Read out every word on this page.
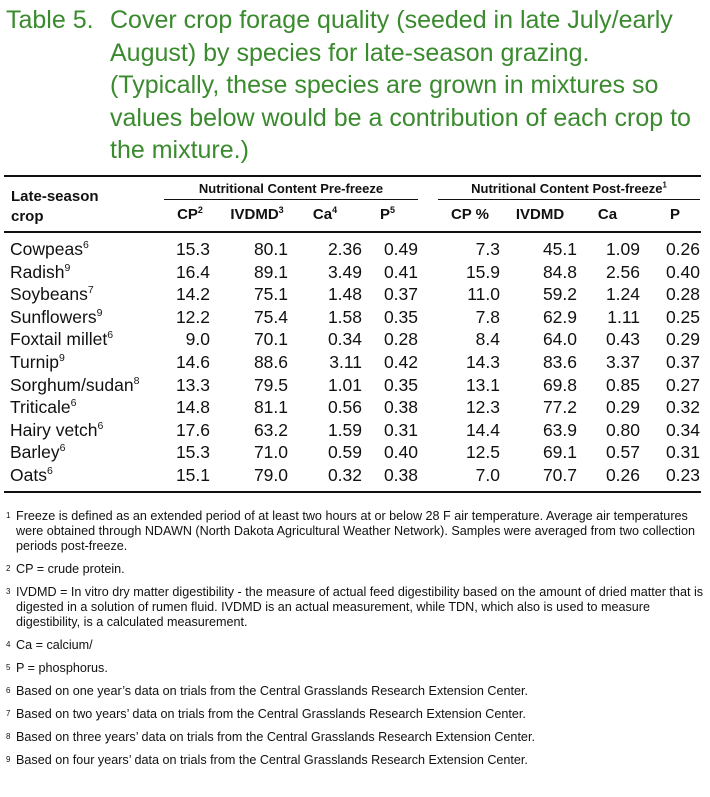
Table 5. Cover crop forage quality (seeded in late July/early August) by species for late-season grazing. (Typically, these species are grown in mixtures so values below would be a contribution of each crop to the mixture.)
Late-season
crop
Nutritional Content Pre-freeze	Nutritional Content Post-freeze$^1$
$CP^2$	IVDMD$^3$	Ca$^4$	$P^5$	CP %	IVDMD	Ca	P
Cowpeas$^6$	15.3	80.1	2.36	0.49	7.3	45.1	1.09	0.26
Radish$^9$	16.4	89.1	3.49	0.41	15.9	84.8	2.56	0.40
Soybeans$^7$	14.2	75.1	1.48	0.37	11.0	59.2	1.24	0.28
Sunflowers$^9$	12.2	75.4	1.58	0.35	7.8	62.9	1.11	0.25
Foxtail millet$^6$	9.0	70.1	0.34	0.28	8.4	64.0	0.43	0.29
Turnip$^9$	14.6	88.6	3.11	0.42	14.3	83.6	3.37	0.37
Sorghum/sudan$^8$	13.3	79.5	1.01	0.35	13.1	69.8	0.85	0.27
Triticale$^6$	14.8	81.1	0.56	0.38	12.3	77.2	0.29	0.32
Hairy vetch$^6$	17.6	63.2	1.59	0.31	14.4	63.9	0.80	0.34
Barley$^6$	15.3	71.0	0.59	0.40	12.5	69.1	0.57	0.31
Oats$^6$	15.1	79.0	0.32	0.38	7.0	70.7	0.26	0.23
1 Freeze is defined as an extended period of at least two hours at or below 28 F air temperature. Average air temperatures were obtained through NDAWN (North Dakota Agricultural Weather Network). Samples were averaged from two collection periods post-freeze.
2 CP = crude protein.
3 IVDMD = In vitro dry matter digestibility - the measure of actual feed digestibility based on the amount of dried matter that is digested in a solution of rumen fluid. IVDMD is an actual measurement, while TDN, which also is used to measure digestibility, is a calculated measurement.
4 Ca = calcium/
5 P = phosphorus.
6 Based on one year’s data on trials from the Central Grasslands Research Extension Center.
7 Based on two years’ data on trials from the Central Grasslands Research Extension Center.
8 Based on three years’ data on trials from the Central Grasslands Research Extension Center.
9 Based on four years’ data on trials from the Central Grasslands Research Extension Center.
